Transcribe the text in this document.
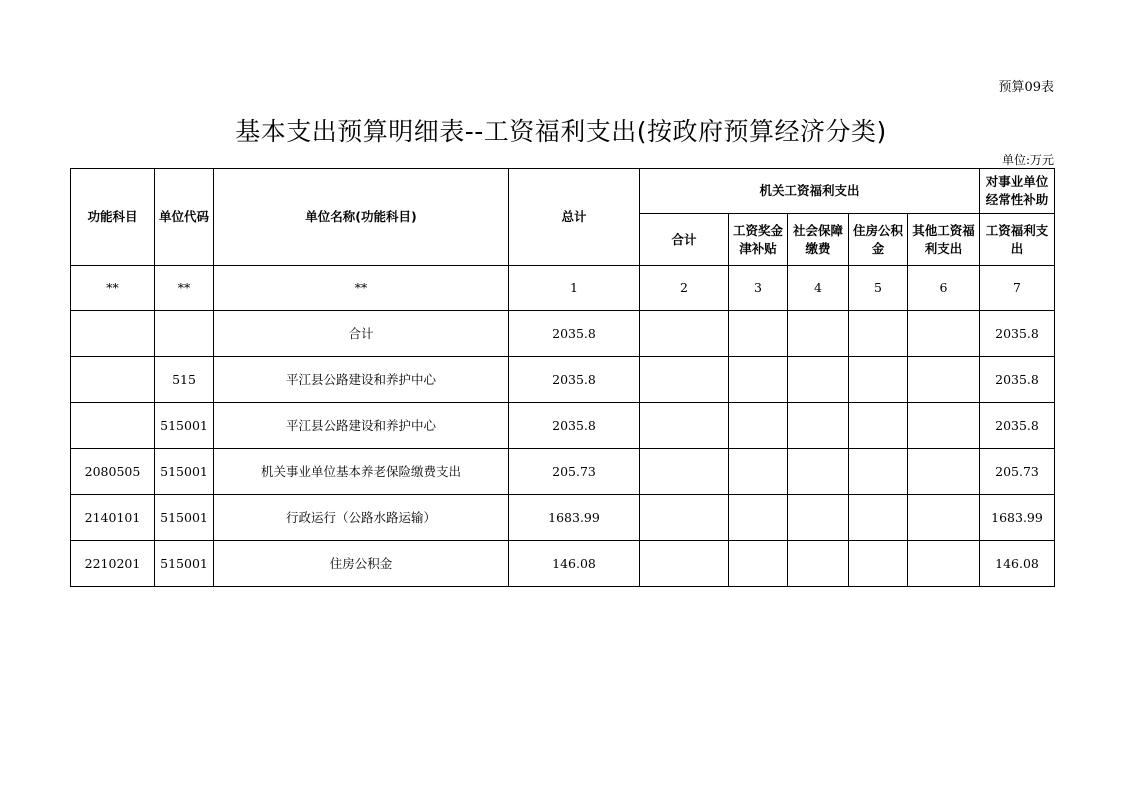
预算09表
基本支出预算明细表--工资福利支出(按政府预算经济分类)
单位:万元
功能科目	单位代码	单位名称(功能科目)	总计	机关工资福利支出					对事业单位经常性补助
				合计	工资奖金津补贴	社会保障缴费	住房公积金	其他工资福利支出	工资福利支出
**	**	**	1	2	3	4	5	6	7
		合计	2035.8						2035.8
	515	平江县公路建设和养护中心	2035.8						2035.8
	515001	平江县公路建设和养护中心	2035.8						2035.8
2080505	515001	机关事业单位基本养老保险缴费支出	205.73						205.73
2140101	515001	行政运行（公路水路运输）	1683.99						1683.99
2210201	515001	住房公积金	146.08						146.08
